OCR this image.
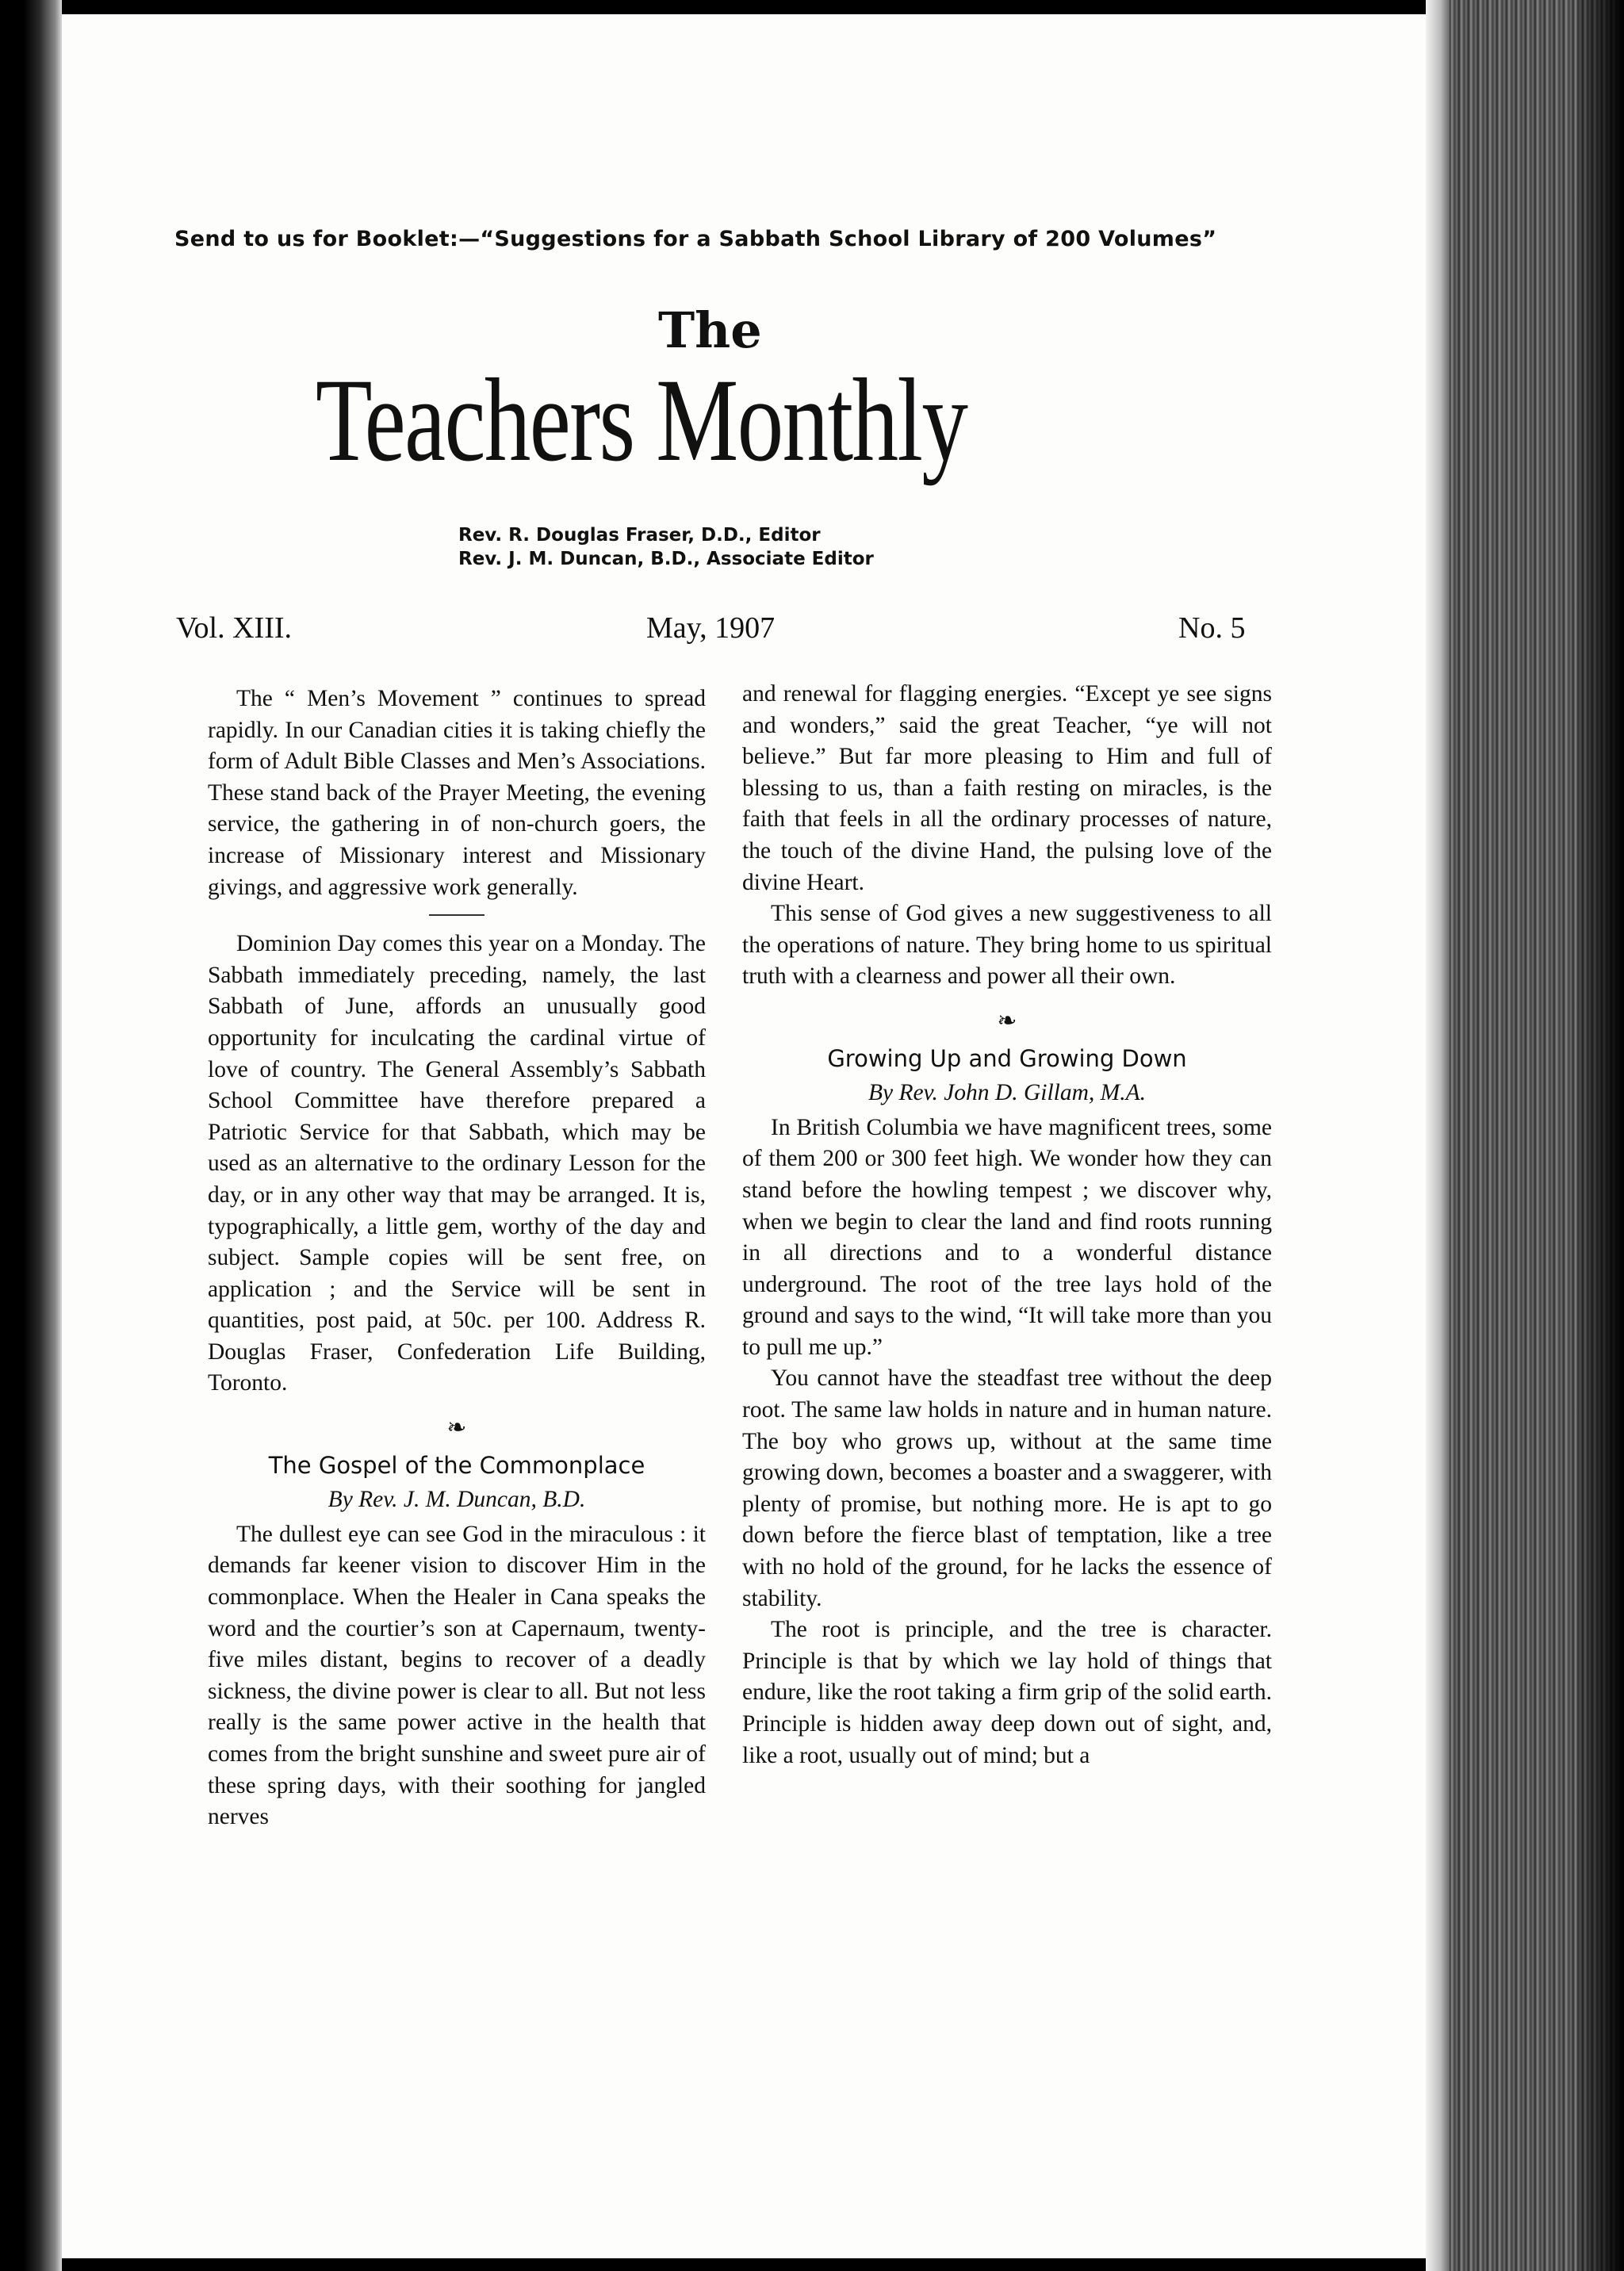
Send to us for Booklet:—“Suggestions for a Sabbath School Library of 200 Volumes”
The
Teachers Monthly
Rev. R. Douglas Fraser, D.D., Editor
Rev. J. M. Duncan, B.D., Associate Editor
Vol. XIII.	May, 1907	No. 5

The “ Men’s Movement ” continues to spread rapidly. In our Canadian cities it is taking chiefly the form of Adult Bible Classes and Men’s Associations. These stand back of the Prayer Meeting, the evening service, the gathering in of non-church goers, the increase of Missionary interest and Missionary givings, and aggressive work generally.

Dominion Day comes this year on a Monday. The Sabbath immediately preceding, namely, the last Sabbath of June, affords an unusually good opportunity for inculcating the cardinal virtue of love of country. The General Assembly’s Sabbath School Committee have therefore prepared a Patriotic Service for that Sabbath, which may be used as an alternative to the ordinary Lesson for the day, or in any other way that may be arranged. It is, typographically, a little gem, worthy of the day and subject. Sample copies will be sent free, on application ; and the Service will be sent in quantities, post paid, at 50c. per 100. Address R. Douglas Fraser, Confederation Life Building, Toronto.

❧
The Gospel of the Commonplace
By Rev. J. M. Duncan, B.D.

The dullest eye can see God in the miraculous : it demands far keener vision to discover Him in the commonplace. When the Healer in Cana speaks the word and the courtier’s son at Capernaum, twenty-five miles distant, begins to recover of a deadly sickness, the divine power is clear to all. But not less really is the same power active in the health that comes from the bright sunshine and sweet pure air of these spring days, with their soothing for jangled nerves

and renewal for flagging energies. “Except ye see signs and wonders,” said the great Teacher, “ye will not believe.” But far more pleasing to Him and full of blessing to us, than a faith resting on miracles, is the faith that feels in all the ordinary processes of nature, the touch of the divine Hand, the pulsing love of the divine Heart.

This sense of God gives a new suggestiveness to all the operations of nature. They bring home to us spiritual truth with a clearness and power all their own.

❧
Growing Up and Growing Down
By Rev. John D. Gillam, M.A.

In British Columbia we have magnificent trees, some of them 200 or 300 feet high. We wonder how they can stand before the howling tempest ; we discover why, when we begin to clear the land and find roots running in all directions and to a wonderful distance underground. The root of the tree lays hold of the ground and says to the wind, “It will take more than you to pull me up.”

You cannot have the steadfast tree without the deep root. The same law holds in nature and in human nature. The boy who grows up, without at the same time growing down, becomes a boaster and a swaggerer, with plenty of promise, but nothing more. He is apt to go down before the fierce blast of temptation, like a tree with no hold of the ground, for he lacks the essence of stability.

The root is principle, and the tree is character. Principle is that by which we lay hold of things that endure, like the root taking a firm grip of the solid earth. Principle is hidden away deep down out of sight, and, like a root, usually out of mind; but a
